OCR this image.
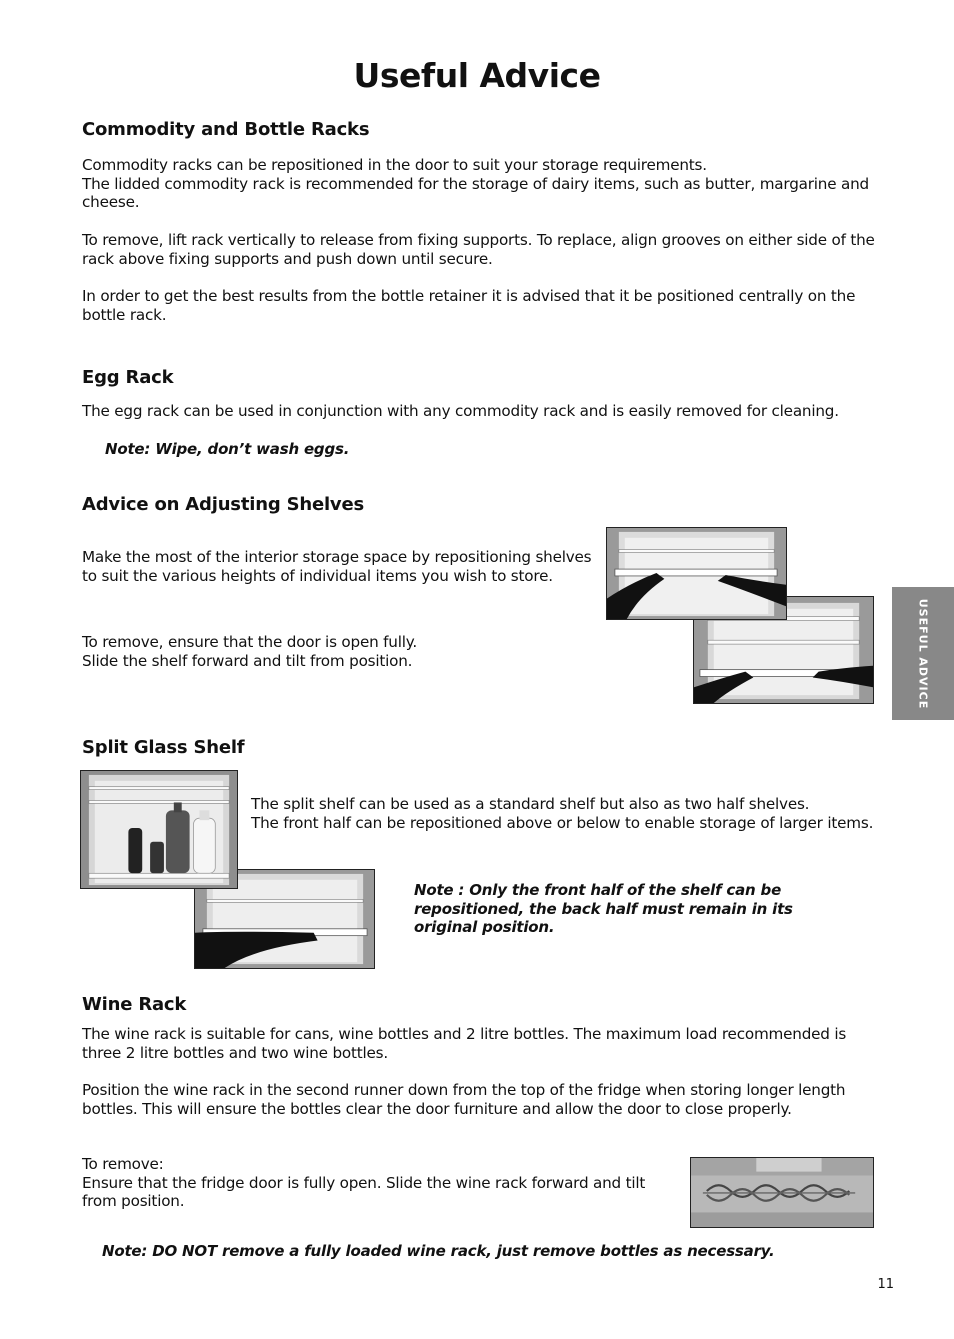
Useful Advice
Commodity and Bottle Racks
Commodity racks can be repositioned in the door to suit your storage requirements.
The lidded commodity rack is recommended for the storage of dairy items, such as butter, margarine and cheese.
To remove, lift rack vertically to release from fixing supports. To replace, align grooves on either side of the rack above fixing supports and push down until secure.
In order to get the best results from the bottle retainer it is advised that it be positioned centrally on the bottle rack.
Egg Rack
The egg rack can be used in conjunction with any commodity rack and is easily removed for cleaning.
Note: Wipe, don’t wash eggs.
Advice on Adjusting Shelves
Make the most of the interior storage space by repositioning shelves to suit the various heights of individual items you wish to store.
To remove, ensure that the door is open fully.
Slide the shelf forward and tilt from position.
Split Glass Shelf
The split shelf can be used as a standard shelf but also as two half shelves.
The front half can be repositioned above or below to enable storage of larger items.
Note : Only the front half of the shelf can be repositioned, the back half must remain in its original position.
Wine Rack
The wine rack is suitable for cans, wine bottles and 2 litre bottles. The maximum load recommended is three 2 litre bottles and two wine bottles.
Position the wine rack in the second runner down from the top of the fridge when storing longer length bottles. This will ensure the bottles clear the door furniture and allow the door to close properly.
To remove:
Ensure that the fridge door is fully open. Slide the wine rack forward and tilt from position.
Note: DO NOT remove a fully loaded wine rack, just remove bottles as necessary.
USEFUL ADVICE
11
